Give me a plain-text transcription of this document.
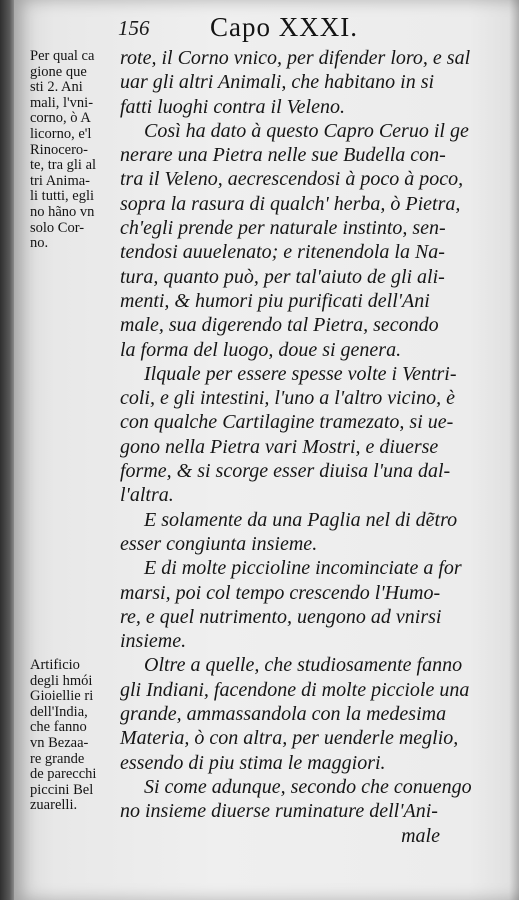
156 Capo XXXI.
Per qual ca
gione que
sti 2. Ani
mali, l'vni-
corno, ò A
licorno, e'l
Rinocero-
te, tra gli al
tri Anima-
li tutti, egli
no hãno vn
solo Cor-
no.
Artificio
degli hmói
Gioiellie ri
dell'India,
che fanno
vn Bezaa-
re grande
de parecchi
piccini Bel
zuarelli.
rote, il Corno vnico, per difender loro, e sal
uar gli altri Animali, che habitano in si
fatti luoghi contra il Veleno.
Così ha dato à questo Capro Ceruo il ge
nerare una Pietra nelle sue Budella con-
tra il Veleno, aecrescendosi à poco à poco,
sopra la rasura di qualch' herba, ò Pietra,
ch'egli prende per naturale instinto, sen-
tendosi auuelenato; e ritenendola la Na-
tura, quanto può, per tal'aiuto de gli ali-
menti, & humori piu purificati dell'Ani
male, sua digerendo tal Pietra, secondo
la forma del luogo, doue si genera.
Ilquale per essere spesse volte i Ventri-
coli, e gli intestini, l'uno a l'altro vicino, è
con qualche Cartilagine tramezato, si ue-
gono nella Pietra vari Mostri, e diuerse
forme, & si scorge esser diuisa l'una dal-
l'altra.
E solamente da una Paglia nel di dẽtro
esser congiunta insieme.
E di molte piccioline incominciate a for
marsi, poi col tempo crescendo l'Humo-
re, e quel nutrimento, uengono ad vnirsi
insieme.
Oltre a quelle, che studiosamente fanno
gli Indiani, facendone di molte picciole una
grande, ammassandola con la medesima
Materia, ò con altra, per uenderle meglio,
essendo di piu stima le maggiori.
Si come adunque, secondo che conuengo
no insieme diuerse ruminature dell'Ani-
male
